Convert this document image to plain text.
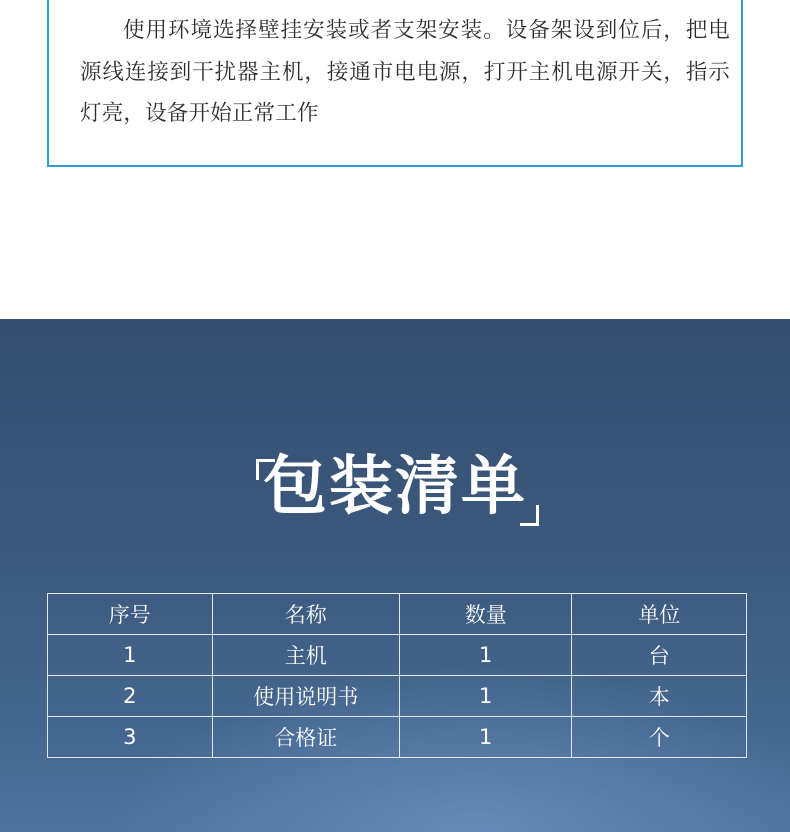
使用环境选择壁挂安装或者支架安装。设备架设到位后，把电源线连接到干扰器主机，接通市电电源，打开主机电源开关，指示灯亮，设备开始正常工作

包装清单
序号	名称	数量	单位
1	主机	1	台
2	使用说明书	1	本
3	合格证	1	个
